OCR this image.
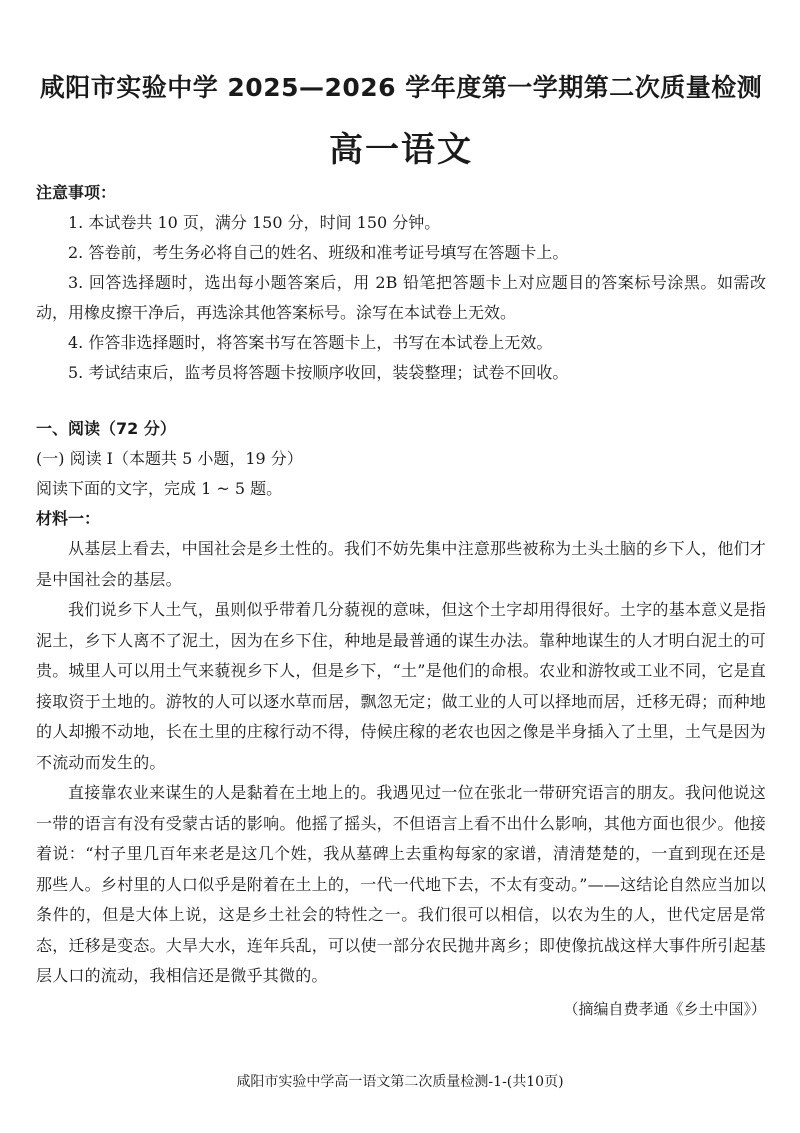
咸阳市实验中学 2025—2026 学年度第一学期第二次质量检测
高一语文

注意事项：

1. 本试卷共 10 页，满分 150 分，时间 150 分钟。
2. 答卷前，考生务必将自己的姓名、班级和准考证号填写在答题卡上。
3. 回答选择题时，选出每小题答案后，用 2B 铅笔把答题卡上对应题目的答案标号涂黑。如需改动，用橡皮擦干净后，再选涂其他答案标号。涂写在本试卷上无效。
4. 作答非选择题时，将答案书写在答题卡上，书写在本试卷上无效。
5. 考试结束后，监考员将答题卡按顺序收回，装袋整理；试卷不回收。

一、阅读（72 分）

(一) 阅读 Ⅰ（本题共 5 小题，19 分）

阅读下面的文字，完成 1 ~ 5 题。

材料一：

从基层上看去，中国社会是乡土性的。我们不妨先集中注意那些被称为土头土脑的乡下人，他们才是中国社会的基层。

我们说乡下人土气，虽则似乎带着几分藐视的意味，但这个土字却用得很好。土字的基本意义是指泥土，乡下人离不了泥土，因为在乡下住，种地是最普通的谋生办法。靠种地谋生的人才明白泥土的可贵。城里人可以用土气来藐视乡下人，但是乡下，“土”是他们的命根。农业和游牧或工业不同，它是直接取资于土地的。游牧的人可以逐水草而居，飘忽无定；做工业的人可以择地而居，迁移无碍；而种地的人却搬不动地，长在土里的庄稼行动不得，侍候庄稼的老农也因之像是半身插入了土里，土气是因为不流动而发生的。

直接靠农业来谋生的人是黏着在土地上的。我遇见过一位在张北一带研究语言的朋友。我问他说这一带的语言有没有受蒙古话的影响。他摇了摇头，不但语言上看不出什么影响，其他方面也很少。他接着说：“村子里几百年来老是这几个姓，我从墓碑上去重构每家的家谱，清清楚楚的，一直到现在还是那些人。乡村里的人口似乎是附着在土上的，一代一代地下去，不太有变动。”——这结论自然应当加以条件的，但是大体上说，这是乡土社会的特性之一。我们很可以相信，以农为生的人，世代定居是常态，迁移是变态。大旱大水，连年兵乱，可以使一部分农民抛井离乡；即使像抗战这样大事件所引起基层人口的流动，我相信还是微乎其微的。

（摘编自费孝通《乡土中国》）

咸阳市实验中学高一语文第二次质量检测-1-(共10页)
